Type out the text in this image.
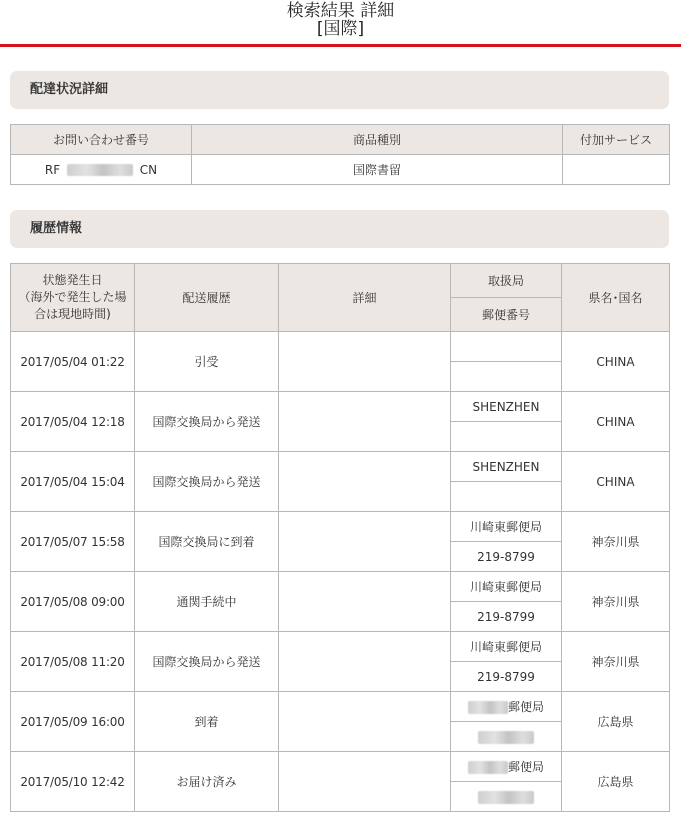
検索結果 詳細
[国際]
配達状況詳細
お問い合わせ番号	商品種別	付加サービス
RF CN	国際書留	
履歴情報
状態発生日
（海外で発生した場
合は現地時間)	配送履歴	詳細	取扱局	県名･国名
			郵便番号	
2017/05/04 01:22	引受			CHINA

2017/05/04 12:18	国際交換局から発送		SHENZHEN	CHINA

2017/05/04 15:04	国際交換局から発送		SHENZHEN	CHINA

2017/05/07 15:58	国際交換局に到着		川崎東郵便局	神奈川県
			219-8799	
2017/05/08 09:00	通関手続中		川崎東郵便局	神奈川県
			219-8799	
2017/05/08 11:20	国際交換局から発送		川崎東郵便局	神奈川県
			219-8799	
2017/05/09 16:00	到着		郵便局	広島県

2017/05/10 12:42	お届け済み		郵便局	広島県
